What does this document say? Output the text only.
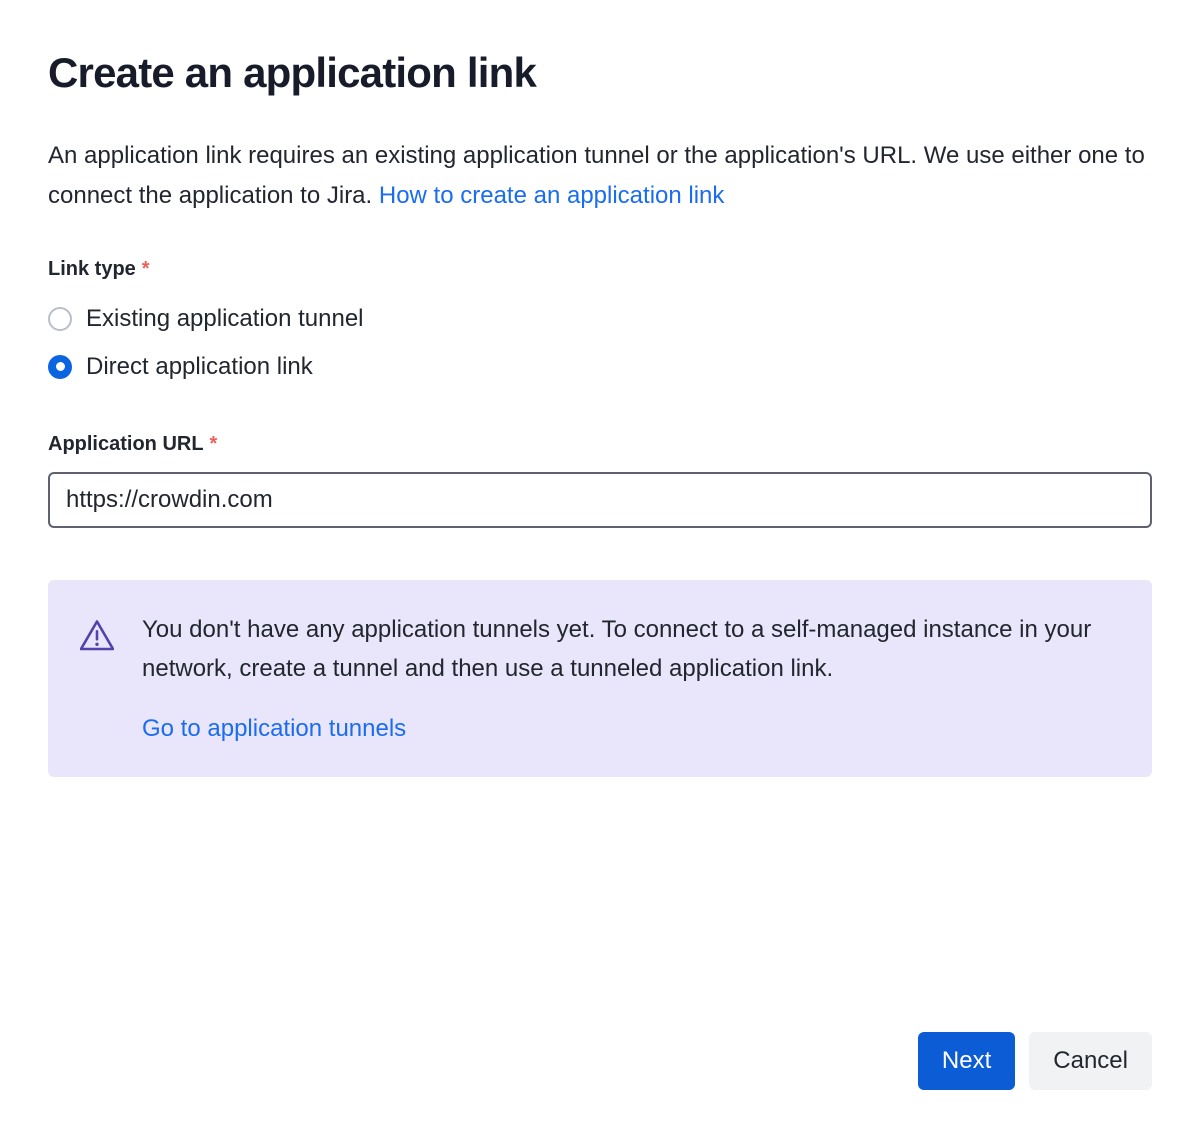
Create an application link

An application link requires an existing application tunnel or the application's URL. We use either one to connect the application to Jira. How to create an application link

Link type *
Existing application tunnel
Direct application link
Application URL *
https://crowdin.com

You don't have any application tunnels yet. To connect to a self-managed instance in your network, create a tunnel and then use a tunneled application link.

Go to application tunnels
Next	Cancel
